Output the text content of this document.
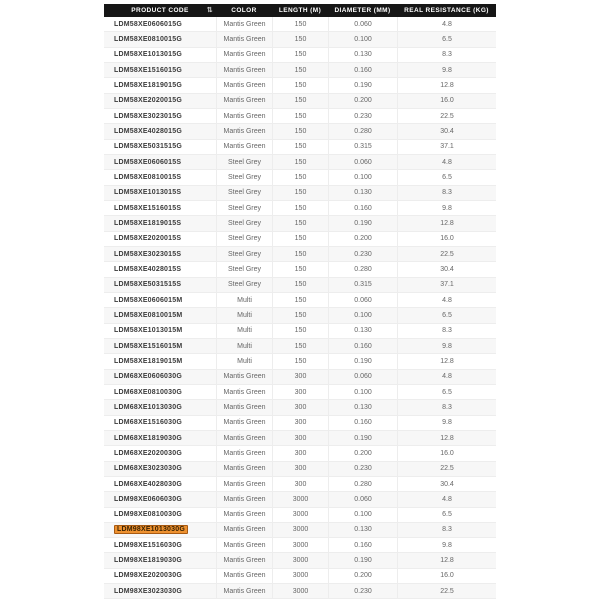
PRODUCT CODE	⇅	COLOR	LENGTH (M)	DIAMETER (MM)	REAL RESISTANCE (KG)
LDM58XE0606015G	Mantis Green	150	0.060	4.8
LDM58XE0810015G	Mantis Green	150	0.100	6.5
LDM58XE1013015G	Mantis Green	150	0.130	8.3
LDM58XE1516015G	Mantis Green	150	0.160	9.8
LDM58XE1819015G	Mantis Green	150	0.190	12.8
LDM58XE2020015G	Mantis Green	150	0.200	16.0
LDM58XE3023015G	Mantis Green	150	0.230	22.5
LDM58XE4028015G	Mantis Green	150	0.280	30.4
LDM58XE5031515G	Mantis Green	150	0.315	37.1
LDM58XE0606015S	Steel Grey	150	0.060	4.8
LDM58XE0810015S	Steel Grey	150	0.100	6.5
LDM58XE1013015S	Steel Grey	150	0.130	8.3
LDM58XE1516015S	Steel Grey	150	0.160	9.8
LDM58XE1819015S	Steel Grey	150	0.190	12.8
LDM58XE2020015S	Steel Grey	150	0.200	16.0
LDM58XE3023015S	Steel Grey	150	0.230	22.5
LDM58XE4028015S	Steel Grey	150	0.280	30.4
LDM58XE5031515S	Steel Grey	150	0.315	37.1
LDM58XE0606015M	Multi	150	0.060	4.8
LDM58XE0810015M	Multi	150	0.100	6.5
LDM58XE1013015M	Multi	150	0.130	8.3
LDM58XE1516015M	Multi	150	0.160	9.8
LDM58XE1819015M	Multi	150	0.190	12.8
LDM68XE0606030G	Mantis Green	300	0.060	4.8
LDM68XE0810030G	Mantis Green	300	0.100	6.5
LDM68XE1013030G	Mantis Green	300	0.130	8.3
LDM68XE1516030G	Mantis Green	300	0.160	9.8
LDM68XE1819030G	Mantis Green	300	0.190	12.8
LDM68XE2020030G	Mantis Green	300	0.200	16.0
LDM68XE3023030G	Mantis Green	300	0.230	22.5
LDM68XE4028030G	Mantis Green	300	0.280	30.4
LDM98XE0606030G	Mantis Green	3000	0.060	4.8
LDM98XE0810030G	Mantis Green	3000	0.100	6.5
LDM98XE1013030G	Mantis Green	3000	0.130	8.3
LDM98XE1516030G	Mantis Green	3000	0.160	9.8
LDM98XE1819030G	Mantis Green	3000	0.190	12.8
LDM98XE2020030G	Mantis Green	3000	0.200	16.0
LDM98XE3023030G	Mantis Green	3000	0.230	22.5
